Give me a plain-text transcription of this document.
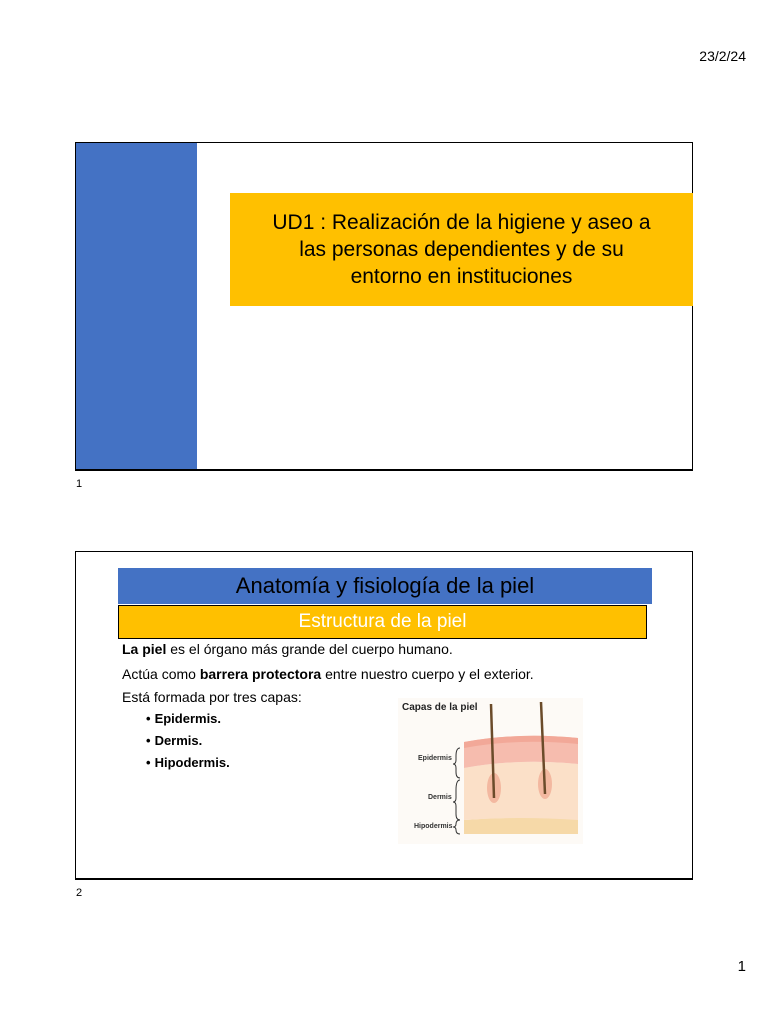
23/2/24
UD1 : Realización de la higiene y aseo a
las personas dependientes y de su
entorno en instituciones
1
Anatomía y fisiología de la piel
Estructura de la piel
La piel es el órgano más grande del cuerpo humano.
Actúa como barrera protectora entre nuestro cuerpo y el exterior.
Está formada por tres capas:
• Epidermis.
• Dermis.
• Hipodermis.
Capas de la piel
Epidermis
Dermis
Hipodermis
2
1
